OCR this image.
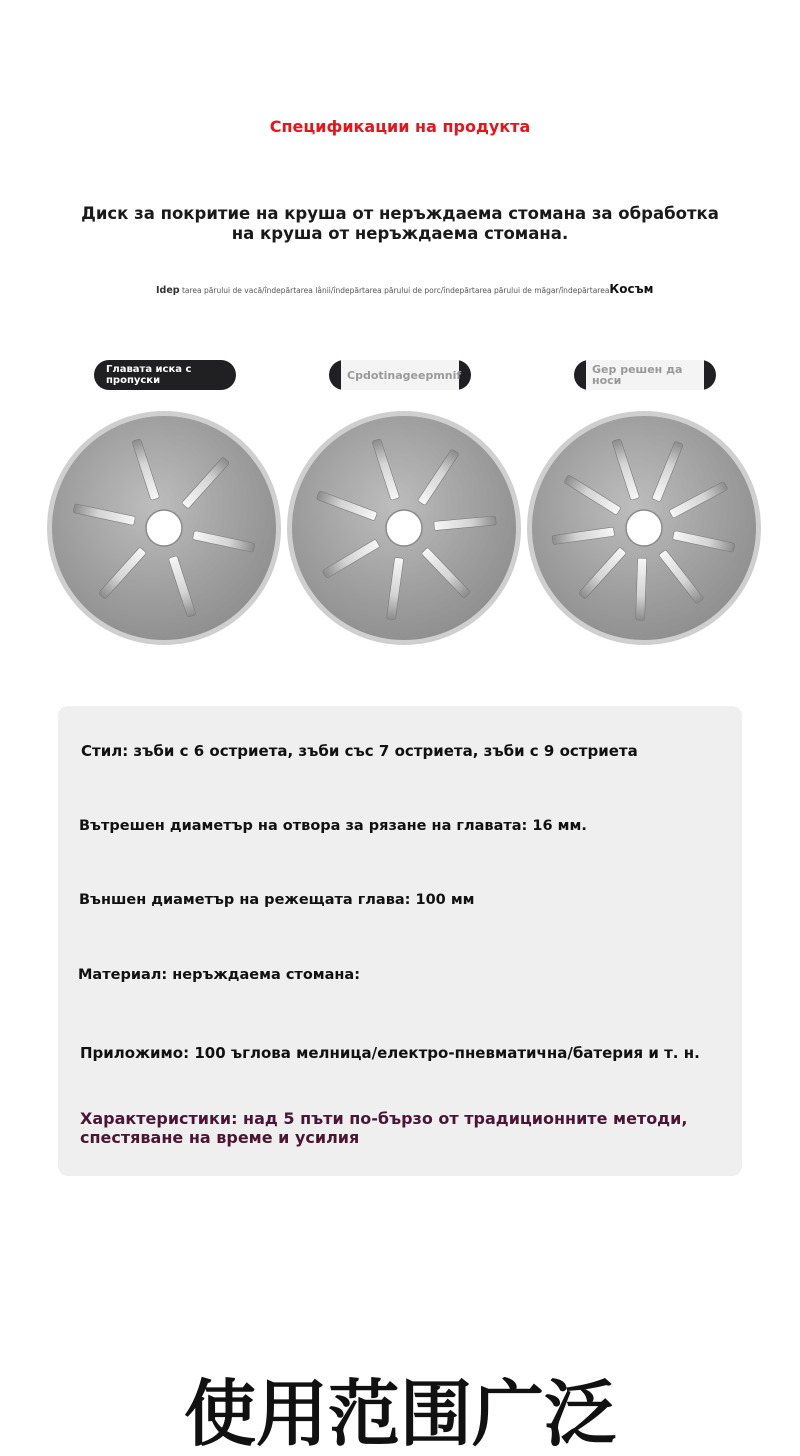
Спецификации на продукта
Диск за покритие на круша от неръждаема стомана за обработка на круша от неръждаема стомана.
Idep tarea părului de vacă/îndepărtarea lânii/îndepărtarea părului de porc/îndepărtarea părului de măgar/îndepărtareaКосъм
Главата иска с пропуски	Cpdotinageepmnif	Gep решен да носи
Стил: зъби с 6 остриета, зъби със 7 остриета, зъби с 9 остриета
Вътрешен диаметър на отвора за рязане на главата: 16 мм.
Външен диаметър на режещата глава: 100 мм
Материал: неръждаема стомана:
Приложимо: 100 ъглова мелница/електро-пневматична/батерия и т. н.
Характеристики: над 5 пъти по-бързо от традиционните методи, спестяване на време и усилия
使用范围广泛
